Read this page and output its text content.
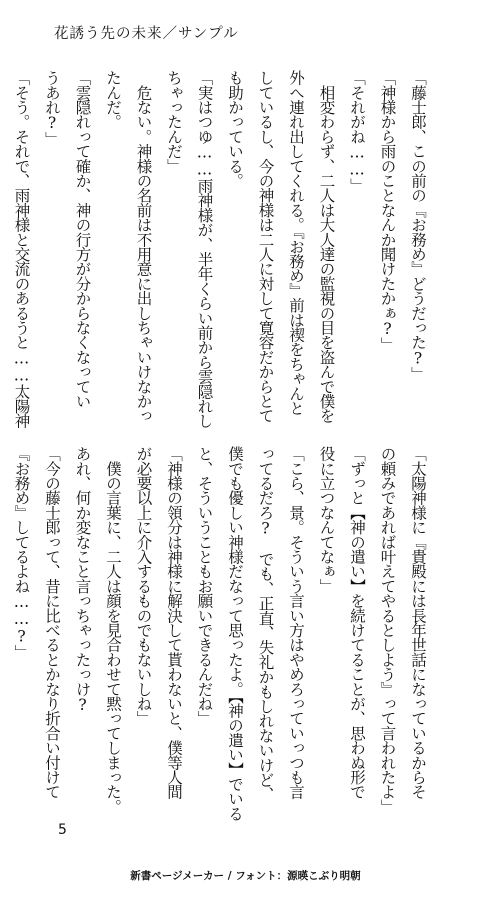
花誘う先の未来／サンプル
「藤士郎、この前の『お務め』どうだった?」
「神様から雨のことなんか聞けたかぁ?」
「それがね……」
　相変わらず、二人は大人達の監視の目を盗んで僕を
外へ連れ出してくれる。『お務め』前は禊をちゃんと
しているし、今の神様は二人に対して寛容だからとて
も助かっている。
「実はつゆ……雨神様が、半年くらい前から雲隠れし
ちゃったんだ」
　危ない。神様の名前は不用意に出しちゃいけなかっ
たんだ。
「雲隠れって確か、神の行方が分からなくなってい
うあれ?」
「そう。それで、雨神様と交流のあるうと……太陽神
「太陽神様に『貴殿には長年世話になっているからそ
の頼みであれば叶えてやるとしよう』って言われたよ」
「ずっと【神の遣い】を続けてることが、思わぬ形で
役に立つなんてなぁ」
「こら、景。そういう言い方はやめろっていっつも言
ってるだろ?　でも、正直、失礼かもしれないけど、
僕でも優しい神様だなって思ったよ。【神の遣い】でいる
と、そういうこともお願いできるんだね」
「神様の領分は神様に解決して貰わないと、僕等人間
が必要以上に介入するものでもないしね」
　僕の言葉に、二人は顔を見合わせて黙ってしまった。
あれ、何か変なこと言っちゃったっけ?
「今の藤士郎って、昔に比べるとかなり折合い付けて
『お務め』してるよね……?」
5
新書ページメーカー / フォント：源暎こぶり明朝
